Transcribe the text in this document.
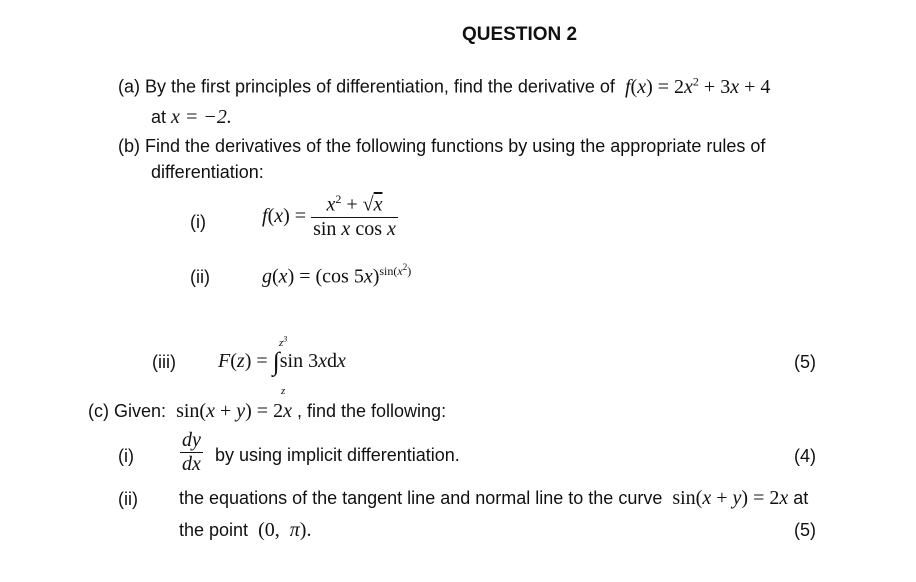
QUESTION 2
(a) By the first principles of differentiation, find the derivative of $f(x) = 2x^2 + 3x + 4$
at x = −2.
(b) Find the derivatives of the following functions by using the appropriate rules of
differentiation:
(i)	$f(x) = \frac{x^2 + √x}{\text{sin x cos x}}$
(ii)	g(x) = (cos 5x)$^{sin(x^2)}$
(iii)
$z^3$
F(z) = ∫sin 3xdx
z
(5)
(c) Given:  sin(x + y) = 2x , find the following:
$(i) \frac{dy}{dx}$ by using implicit differentiation.	(4)
(ii) the equations of the tangent line and normal line to the curve  sin(x + y) = 2x at
the point  (0,  π).	(5)
